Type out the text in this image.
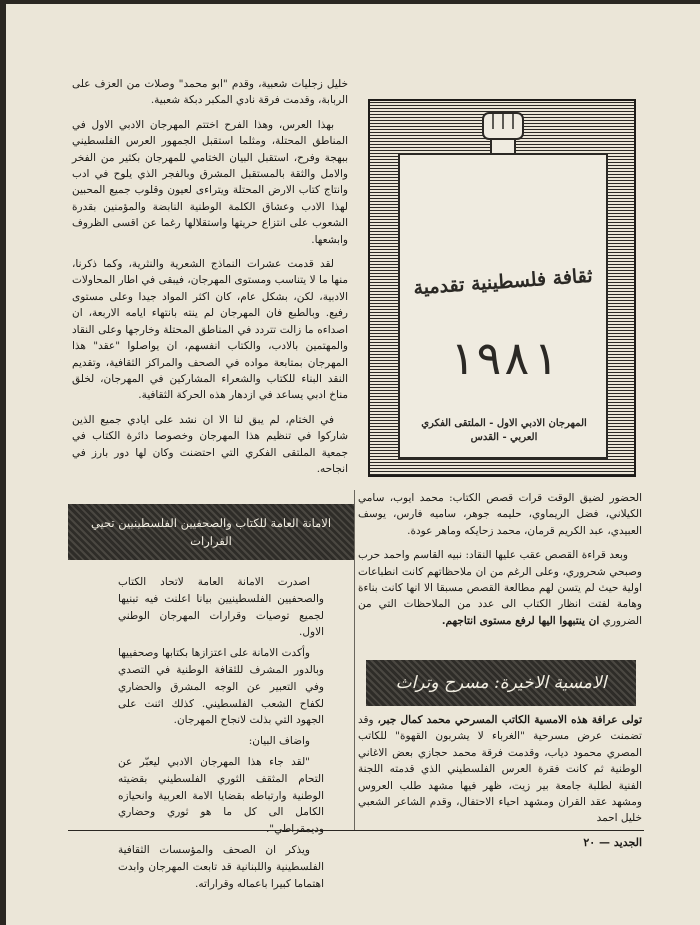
خليل زجليات شعبية، وقدم "ابو محمد" وصلات من العزف على الربابة، وقدمت فرقة نادي المكبر دبكة شعبية.

بهذا العرس، وهذا الفرح اختتم المهرجان الادبي الاول في المناطق المحتلة، ومثلما استقبل الجمهور العرس الفلسطيني ببهجة وفرح، استقبل البيان الختامي للمهرجان بكثير من الفخر والامل والثقة بالمستقبل المشرق وبالفجر الذي يلوح في ادب وانتاج كتاب الارض المحتلة ويتراءى لعيون وقلوب جميع المحبين لهذا الادب وعشاق الكلمة الوطنية النابضة والمؤمنين بقدرة الشعوب على انتزاع حريتها واستقلالها رغما عن اقسى الظروف وابشعها.

لقد قدمت عشرات النماذج الشعرية والنثرية، وكما ذكرنا، منها ما لا يتناسب ومستوى المهرجان، فيبقى في اطار المحاولات الادبية، لكن، بشكل عام، كان اكثر المواد جيدا وعلى مستوى رفيع. وبالطبع فان المهرجان لم ينته بانتهاء ايامه الاربعة، ان اصداءه ما زالت تتردد في المناطق المحتلة وخارجها وعلى النقاد والمهتمين بالادب، والكتاب انفسهم، ان يواصلوا "عقد" هذا المهرجان بمتابعة مواده في الصحف والمراكز الثقافية، وتقديم النقد البناء للكتاب والشعراء المشاركين في المهرجان، لخلق مناخ ادبي يساعد في ازدهار هذه الحركة الثقافية.

في الختام، لم يبق لنا الا ان نشد على ايادي جميع الذين شاركوا في تنظيم هذا المهرجان وخصوصا دائرة الكتاب في جمعية الملتقى الفكري التي احتضنت وكان لها دور بارز في انجاحه.

ثقافة فلسطينية تقدمية
١٩٨١
المهرجان الادبي الاول - الملتقى الفكري العربي - القدس

الحضور لضيق الوقت قرات قصص الكتاب: محمد ايوب، سامي الكيلاني، فضل الريماوي، حليمه جوهر، ساميه فارس، يوسف العبيدي، عبد الكريم قرمان، محمد زحايكه وماهر عودة.

وبعد قراءة القصص عقب عليها النقاد: نبيه القاسم واحمد حرب وصبحي شحروري، وعلى الرغم من ان ملاحظاتهم كانت انطباعات اولية حيث لم يتسن لهم مطالعة القصص مسبقا الا انها كانت بناءة وهامة لفتت انظار الكتاب الى عدد من الملاحظات التي من الضروري ان ينتبهوا اليها لرفع مستوى انتاجهم.

الامسية الاخيرة: مسرح وتراث

تولى عرافة هذه الامسية الكاتب المسرحي محمد كمال جبر، وقد تضمنت عرض مسرحية "الغرباء لا يشربون القهوة" للكاتب المصري محمود دياب، وقدمت فرقة محمد حجازي بعض الاغاني الوطنية ثم كانت فقرة العرس الفلسطيني الذي قدمته اللجنة الفنية لطلبة جامعة بير زيت، ظهر فيها مشهد طلب العروس ومشهد عقد القران ومشهد احياء الاحتفال، وقدم الشاعر الشعبي خليل احمد

الامانة العامة للكتاب والصحفيين الفلسطينيين تحيي القرارات

اصدرت الامانة العامة لاتحاد الكتاب والصحفيين الفلسطينيين بيانا اعلنت فيه تبنيها لجميع توصيات وقرارات المهرجان الوطني الاول.

وأكدت الامانة على اعتزازها بكتابها وصحفييها وبالدور المشرف للثقافة الوطنية في التصدي وفي التعبير عن الوجه المشرق والحضاري لكفاح الشعب الفلسطيني. كذلك اثنت على الجهود التي بذلت لانجاح المهرجان.

واضاف البيان:

"لقد جاء هذا المهرجان الادبي ليعبّر عن التحام المثقف الثوري الفلسطيني بقضيته الوطنية وارتباطه بقضايا الامة العربية وانحيازه الكامل الى كل ما هو ثوري وحضاري وديمقراطي".

ويذكر ان الصحف والمؤسسات الثقافية الفلسطينية واللبنانية قد تابعت المهرجان وابدت اهتماما كبيرا باعماله وقراراته.

الجديد — ٢٠
